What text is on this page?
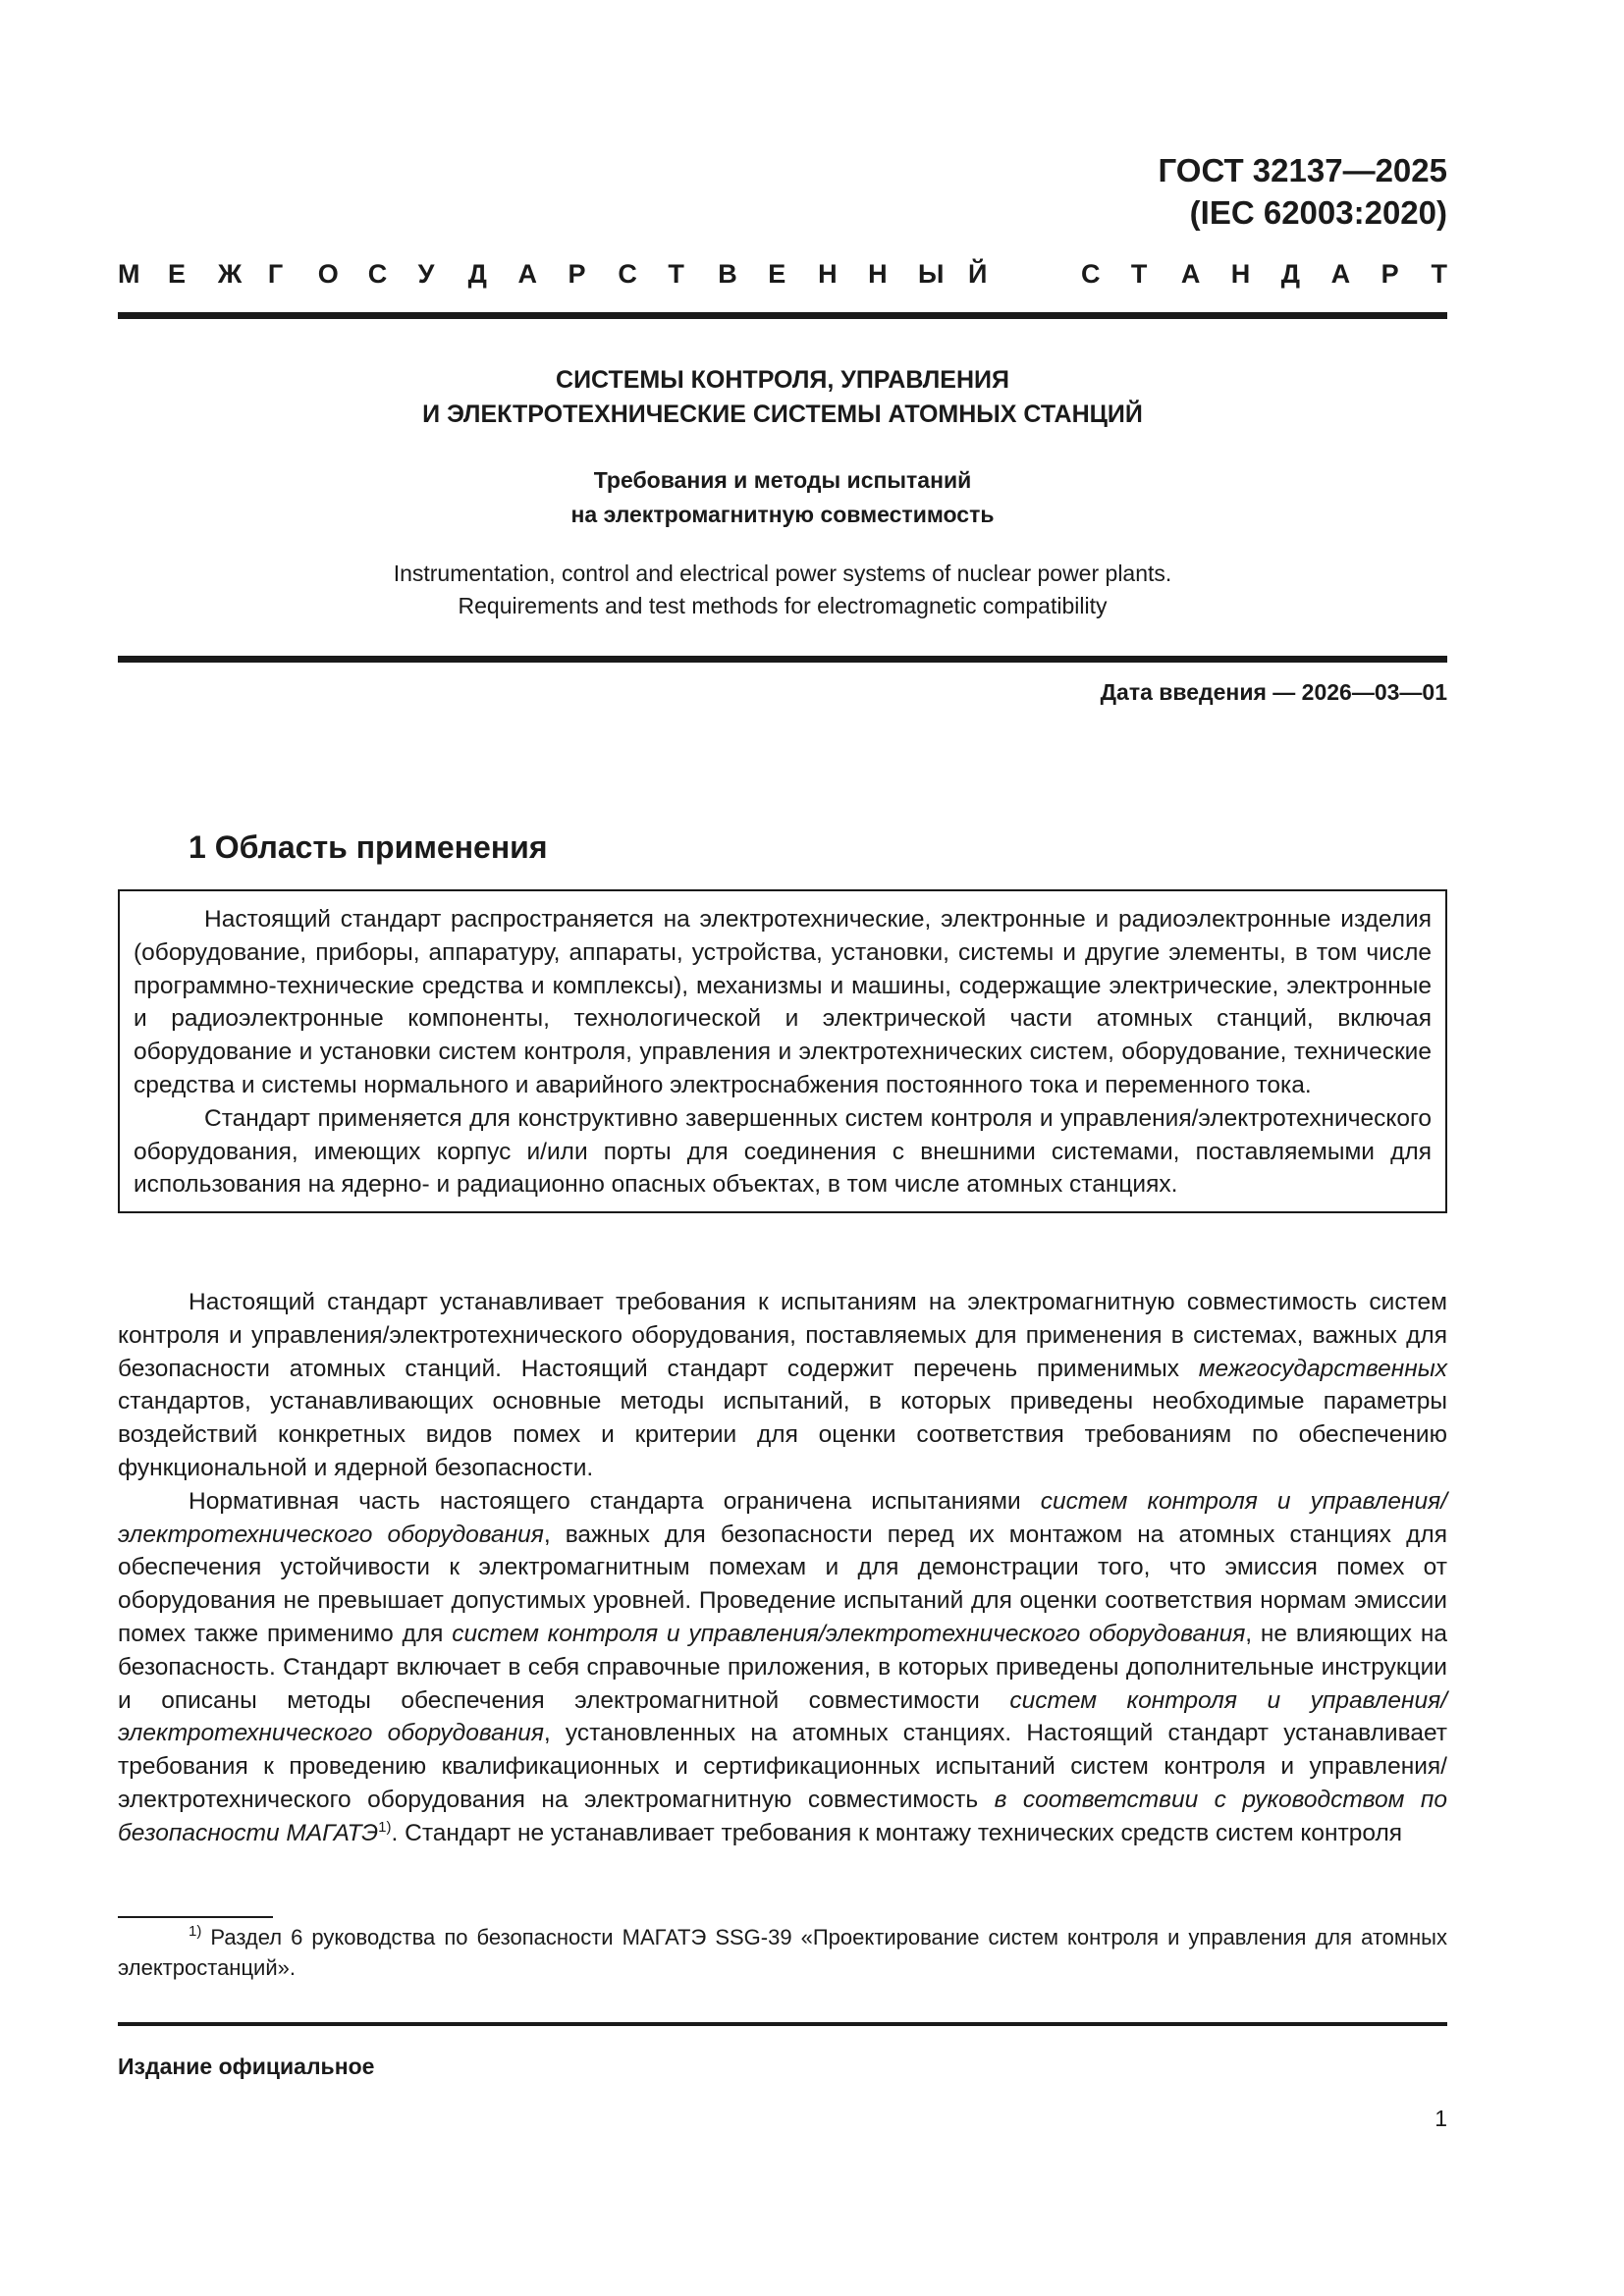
ГОСТ 32137—2025
(IEC 62003:2020)
М	Е	Ж Г	О	С	У	Д	А	Р	С	Т	В	Е	Н	Н	Ы Й	С	Т	А	Н	Д	А	Р	Т
СИСТЕМЫ КОНТРОЛЯ, УПРАВЛЕНИЯ
И ЭЛЕКТРОТЕХНИЧЕСКИЕ СИСТЕМЫ АТОМНЫХ СТАНЦИЙ
Требования и методы испытаний
на электромагнитную совместимость
Instrumentation, control and electrical power systems of nuclear power plants.
Requirements and test methods for electromagnetic compatibility
Дата введения — 2026—03—01
1 Область применения

Настоящий стандарт распространяется на электротехнические, электронные и радиоэлектронные изделия (оборудование, приборы, аппаратуру, аппараты, устройства, установки, системы и другие элементы, в том числе программно-технические средства и комплексы), механизмы и машины, содержащие электрические, электронные и радиоэлектронные компоненты, технологической и электрической части атомных станций, включая оборудование и установки систем контроля, управления и электротехнических систем, оборудование, технические средства и системы нормального и аварийного электроснабжения постоянного тока и переменного тока.

Стандарт применяется для конструктивно завершенных систем контроля и управления/электротехнического оборудования, имеющих корпус и/или порты для соединения с внешними системами, поставляемыми для использования на ядерно- и радиационно опасных объектах, в том числе атомных станциях.

Настоящий стандарт устанавливает требования к испытаниям на электромагнитную совместимость систем контроля и управления/электротехнического оборудования, поставляемых для применения в системах, важных для безопасности атомных станций. Настоящий стандарт содержит перечень применимых межгосударственных стандартов, устанавливающих основные методы испытаний, в которых приведены необходимые параметры воздействий конкретных видов помех и критерии для оценки соответствия требованиям по обеспечению функциональной и ядерной безопасности.

Нормативная часть настоящего стандарта ограничена испытаниями систем контроля и управления/электротехнического оборудования, важных для безопасности перед их монтажом на атомных станциях для обеспечения устойчивости к электромагнитным помехам и для демонстрации того, что эмиссия помех от оборудования не превышает допустимых уровней. Проведение испытаний для оценки соответствия нормам эмиссии помех также применимо для систем контроля и управления/электротехнического оборудования, не влияющих на безопасность. Стандарт включает в себя справочные приложения, в которых приведены дополнительные инструкции и описаны методы обеспечения электромагнитной совместимости систем контроля и управления/электротехнического оборудования, установленных на атомных станциях. Настоящий стандарт устанавливает требования к проведению квалификационных и сертификационных испытаний систем контроля и управления/электротехнического оборудования на электромагнитную совместимость в соответствии с руководством по безопасности МАГАТЭ$^{1)}$. Стандарт не устанавливает требования к монтажу технических средств систем контроля

$^{1)}$ Раздел 6 руководства по безопасности МАГАТЭ SSG-39 «Проектирование систем контроля и управления для атомных электростанций».
Издание официальное
1
